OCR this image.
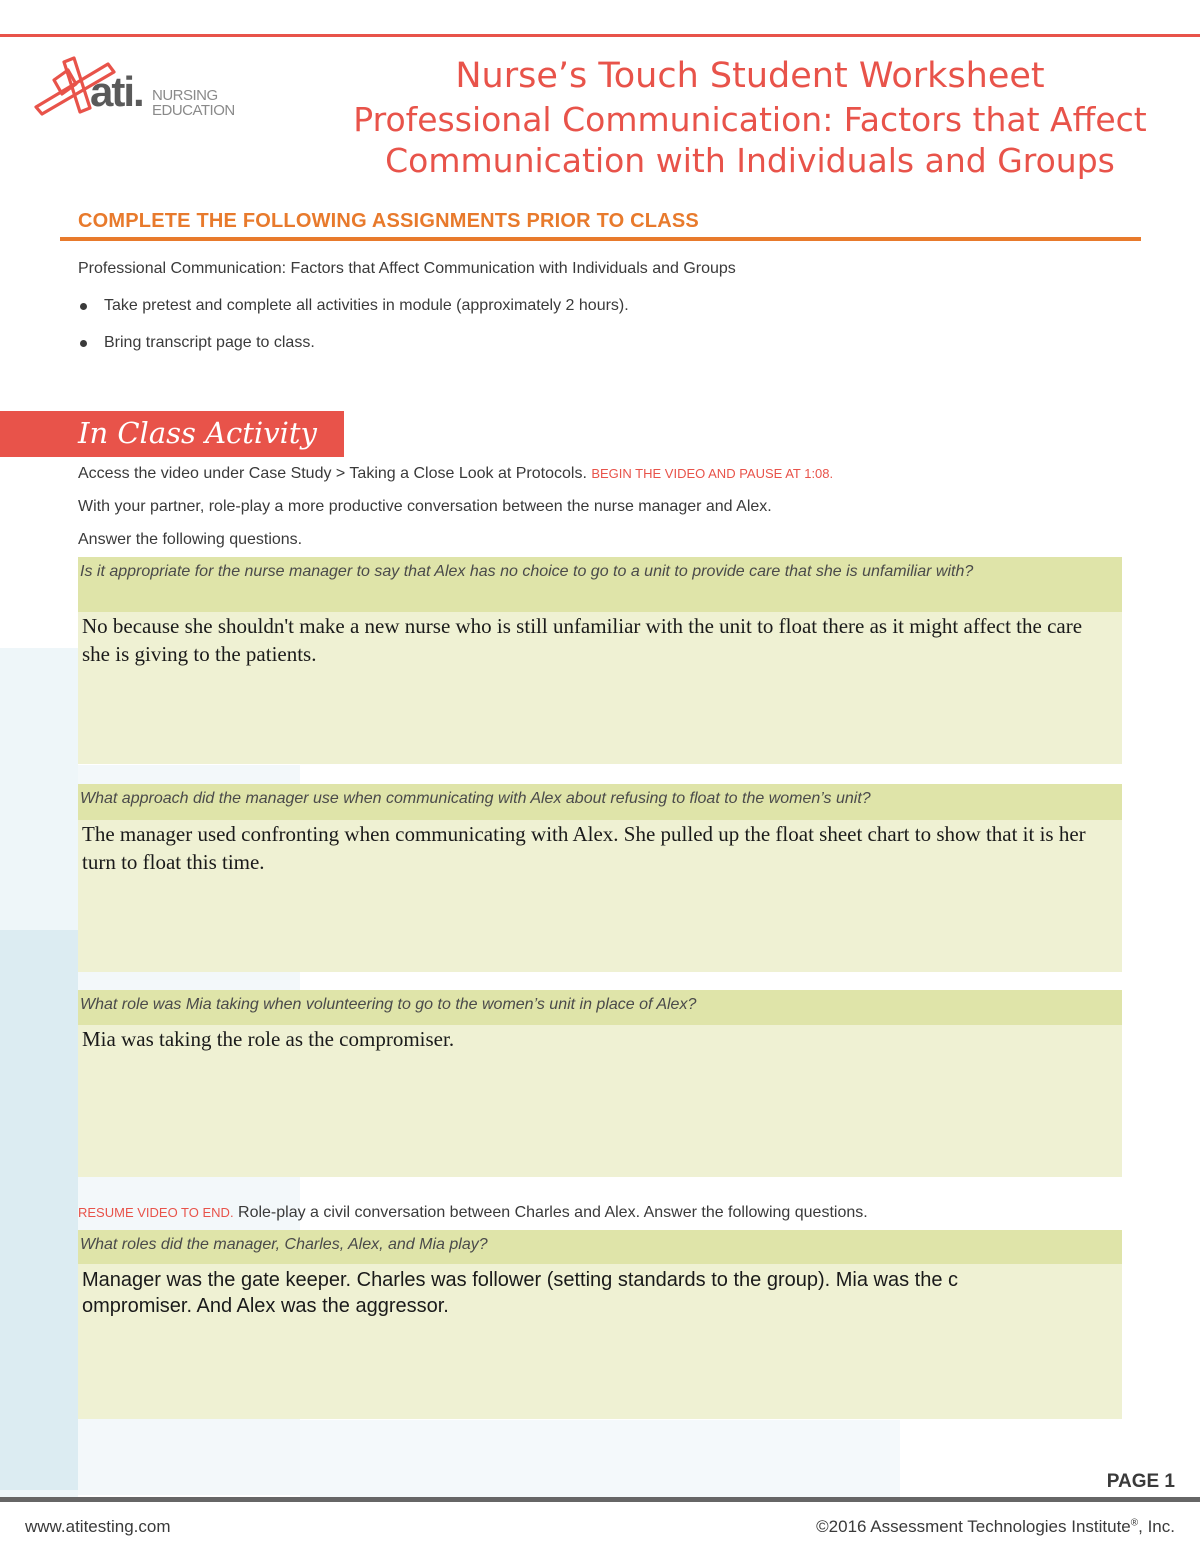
ati. NURSING
EDUCATION
Nurse’s Touch Student Worksheet
Professional Communication: Factors that Affect
Communication with Individuals and Groups
COMPLETE THE FOLLOWING ASSIGNMENTS PRIOR TO CLASS
Professional Communication: Factors that Affect Communication with Individuals and Groups
Take pretest and complete all activities in module (approximately 2 hours).
Bring transcript page to class.
In Class Activity
Access the video under Case Study > Taking a Close Look at Protocols. BEGIN THE VIDEO AND PAUSE AT 1:08.
With your partner, role-play a more productive conversation between the nurse manager and Alex.
Answer the following questions.
Is it appropriate for the nurse manager to say that Alex has no choice to go to a unit to provide care that she is unfamiliar with?
No because she shouldn't make a new nurse who is still unfamiliar with the unit to float there as it might affect the care she is giving to the patients.
What approach did the manager use when communicating with Alex about refusing to float to the women’s unit?
The manager used confronting when communicating with Alex. She pulled up the float sheet chart to show that it is her turn to float this time.
What role was Mia taking when volunteering to go to the women’s unit in place of Alex?
Mia was taking the role as the compromiser.
RESUME VIDEO TO END. Role-play a civil conversation between Charles and Alex. Answer the following questions.
What roles did the manager, Charles, Alex, and Mia play?
Manager was the gate keeper. Charles was follower (setting standards to the group). Mia was the c
ompromiser. And Alex was the aggressor.
PAGE 1
www.atitesting.com	©2016 Assessment Technologies Institute®, Inc.
